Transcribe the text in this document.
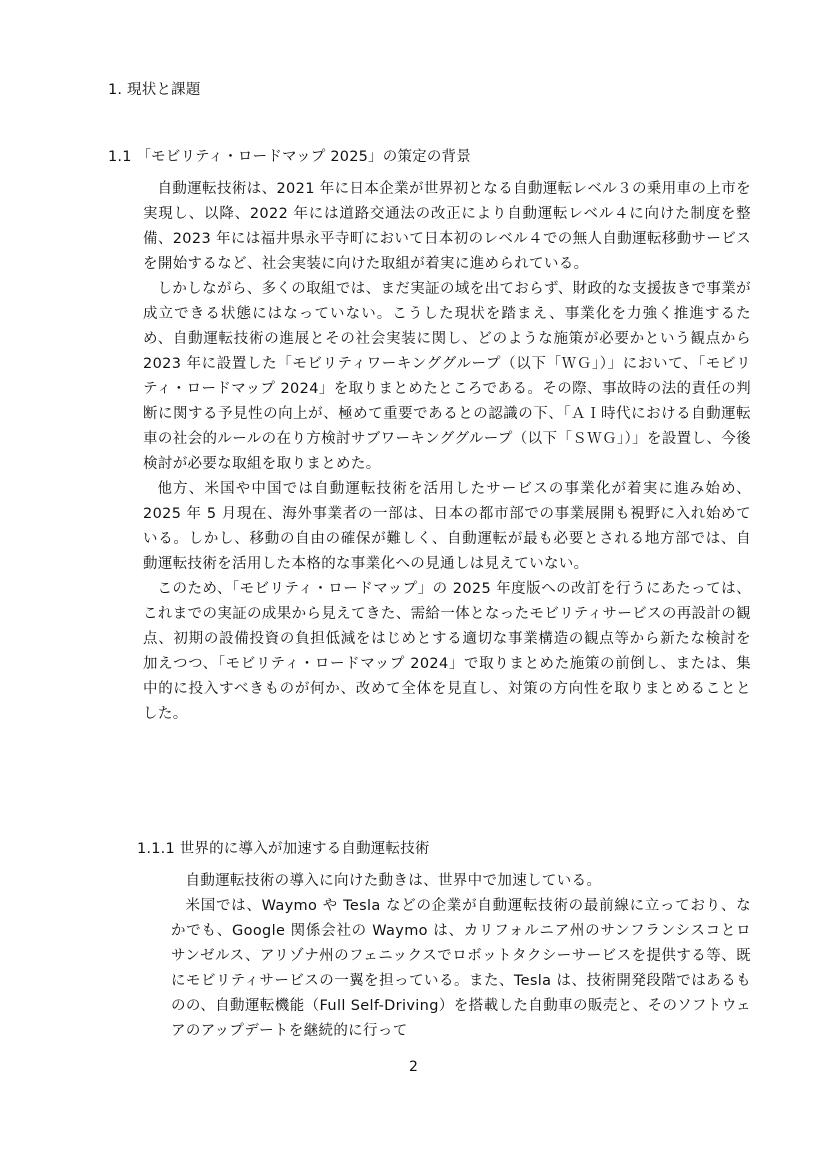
1. 現状と課題
1.1 「モビリティ・ロードマップ 2025」の策定の背景

自動運転技術は、2021 年に日本企業が世界初となる自動運転レベル３の乗用車の上市を実現し、以降、2022 年には道路交通法の改正により自動運転レベル４に向けた制度を整備、2023 年には福井県永平寺町において日本初のレベル４での無人自動運転移動サービスを開始するなど、社会実装に向けた取組が着実に進められている。

しかしながら、多くの取組では、まだ実証の域を出ておらず、財政的な支援抜きで事業が成立できる状態にはなっていない。こうした現状を踏まえ、事業化を力強く推進するため、自動運転技術の進展とその社会実装に関し、どのような施策が必要かという観点から 2023 年に設置した「モビリティワーキンググループ（以下「ＷＧ」）」において、「モビリティ・ロードマップ 2024」を取りまとめたところである。その際、事故時の法的責任の判断に関する予見性の向上が、極めて重要であるとの認識の下、「ＡＩ時代における自動運転車の社会的ルールの在り方検討サブワーキンググループ（以下「ＳＷＧ」）」を設置し、今後検討が必要な取組を取りまとめた。

他方、米国や中国では自動運転技術を活用したサービスの事業化が着実に進み始め、2025 年 5 月現在、海外事業者の一部は、日本の都市部での事業展開も視野に入れ始めている。しかし、移動の自由の確保が難しく、自動運転が最も必要とされる地方部では、自動運転技術を活用した本格的な事業化への見通しは見えていない。

このため、「モビリティ・ロードマップ」の 2025 年度版への改訂を行うにあたっては、これまでの実証の成果から見えてきた、需給一体となったモビリティサービスの再設計の観点、初期の設備投資の負担低減をはじめとする適切な事業構造の観点等から新たな検討を加えつつ、「モビリティ・ロードマップ 2024」で取りまとめた施策の前倒し、または、集中的に投入すべきものが何か、改めて全体を見直し、対策の方向性を取りまとめることとした。

1.1.1 世界的に導入が加速する自動運転技術

自動運転技術の導入に向けた動きは、世界中で加速している。

米国では、Waymo や Tesla などの企業が自動運転技術の最前線に立っており、なかでも、Google 関係会社の Waymo は、カリフォルニア州のサンフランシスコとロサンゼルス、アリゾナ州のフェニックスでロボットタクシーサービスを提供する等、既にモビリティサービスの一翼を担っている。また、Tesla は、技術開発段階ではあるものの、自動運転機能（Full Self-Driving）を搭載した自動車の販売と、そのソフトウェアのアップデートを継続的に行って

2
